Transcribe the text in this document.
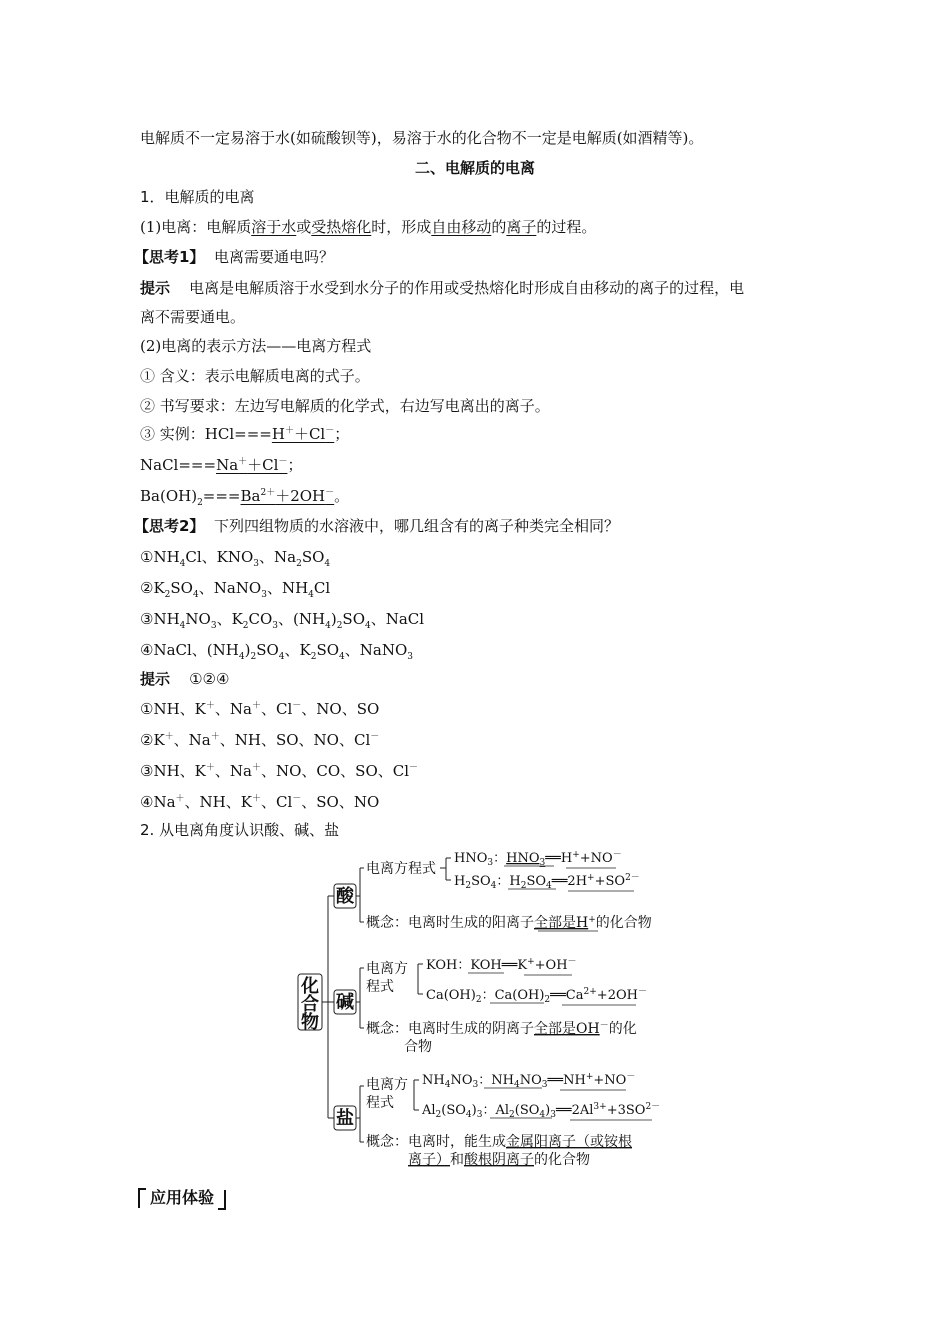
电解质不一定易溶于水(如硫酸钡等)，易溶于水的化合物不一定是电解质(如酒精等)。
二、电解质的电离
1．电解质的电离
(1)电离：电解质溶于水或受热熔化时，形成自由移动的离子的过程。
【思考1】 电离需要通电吗？
提示 电离是电解质溶于水受到水分子的作用或受热熔化时形成自由移动的离子的过程，电
离不需要通电。
(2)电离的表示方法——电离方程式
① 含义：表示电解质电离的式子。
② 书写要求：左边写电解质的化学式，右边写电离出的离子。
③ 实例：HCl===H＋＋Cl－；
NaCl===Na＋＋Cl－；
$Ba(OH)_2===Ba^{2+}+2OH^-$。
【思考2】 下列四组物质的水溶液中，哪几组含有的离子种类完全相同？
$①NH_4Cl$、$KNO_3$、$Na_2SO_4$
$②K_2SO_4$、NaNO$_3$、$NH_4Cl$
$③NH_4NO_3$、$K_2CO_3$、$(NH_4)_2SO_4$、NaCl
④NaCl、$(NH_4)_2SO_4$、$K_2SO_4$、NaNO$_3$
提示 ①②④
①NH、K＋、Na＋、Cl－、NO、SO
②K＋、Na＋、NH、SO、NO、Cl－
③NH、K＋、Na＋、NO、CO、SO、Cl－
④Na＋、NH、K＋、Cl－、SO、NO
2. 从电离角度认识酸、碱、盐
化
合
物
酸
碱
盐
电离方程式
$HNO_3$：$HNO_3══H^++NO^-$
$H_2SO_4$：$H_2SO_4══2H^++SO^{2-}$
概念：电离时生成的阳离子全部是H+的化合物
电离方
程式
KOH：KOH══K++OH－
$Ca(OH)_2$：$Ca(OH)_2══Ca^{2+}+2OH^-$
概念：电离时生成的阴离子全部是OH－的化
合物
电离方
程式
$NH_4NO_3$：$NH_4NO_3══NH^++NO^-$
$Al_2(SO_4)_3$：$Al_2(SO_4)_3══2Al^{3+}+3SO^{2-}$
概念：电离时，能生成金属阳离子（或铵根
离子）和酸根阴离子的化合物
应用体验
